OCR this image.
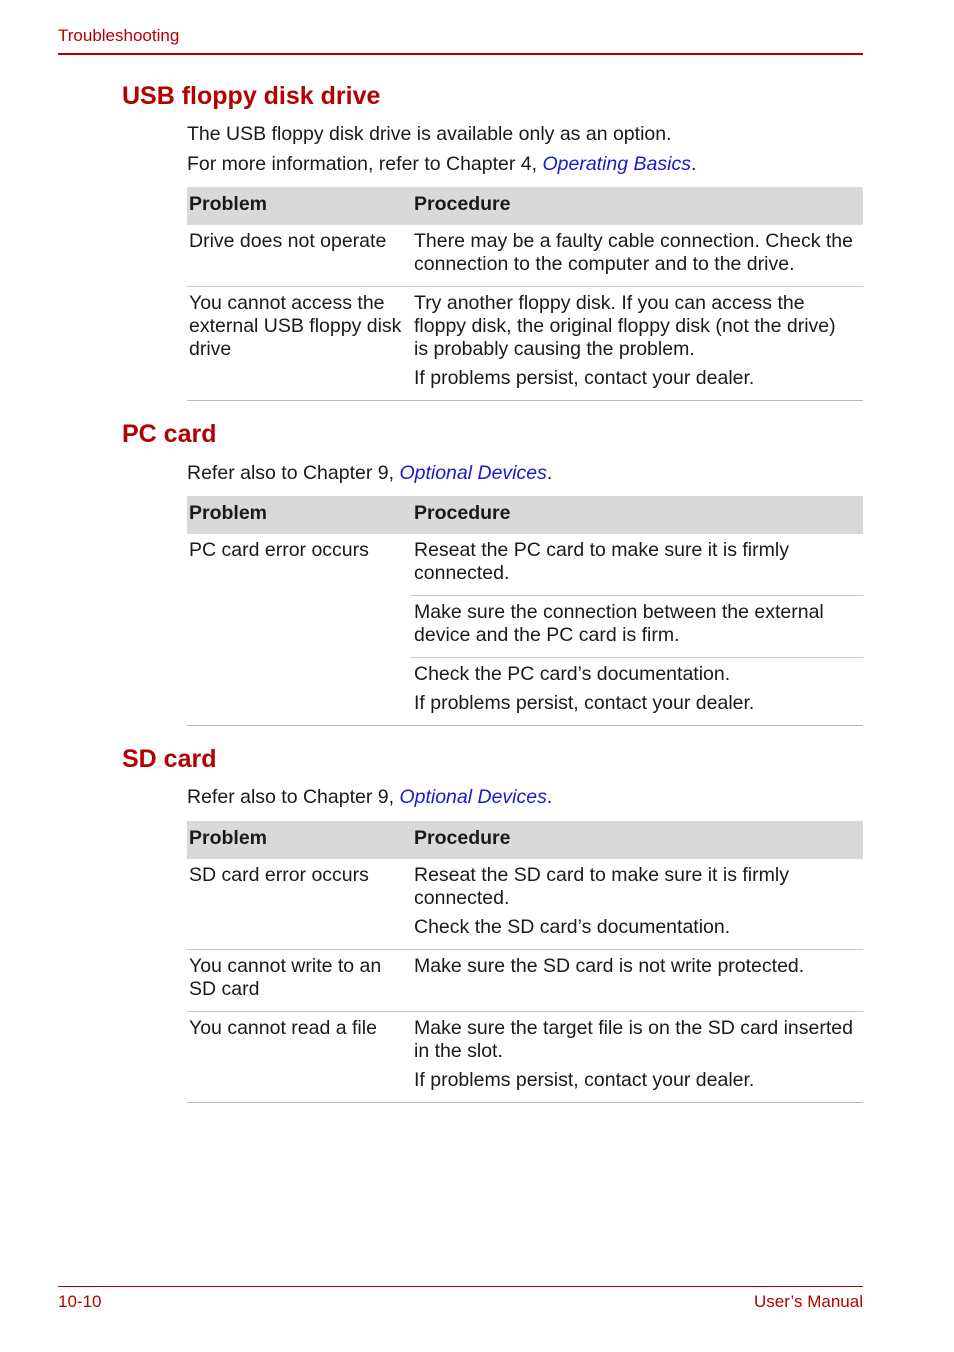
Troubleshooting
USB floppy disk drive

The USB floppy disk drive is available only as an option.

For more information, refer to Chapter 4, Operating Basics.

Problem	Procedure
Drive does not operate	There may be a faulty cable connection. Check the connection to the computer and to the drive.

You cannot access the external USB floppy disk drive	Try another floppy disk. If you can access the floppy disk, the original floppy disk (not the drive) is probably causing the problem.

If problems persist, contact your dealer.

PC card

Refer also to Chapter 9, Optional Devices.

Problem	Procedure
PC card error occurs	Reseat the PC card to make sure it is firmly connected.

	Make sure the connection between the external device and the PC card is firm.

	Check the PC card’s documentation.

If problems persist, contact your dealer.

SD card

Refer also to Chapter 9, Optional Devices.

Problem	Procedure
SD card error occurs	Reseat the SD card to make sure it is firmly connected.

Check the SD card’s documentation.

You cannot write to an SD card	Make sure the SD card is not write protected.

You cannot read a file	Make sure the target file is on the SD card inserted in the slot.

If problems persist, contact your dealer.

10-10	User’s Manual
